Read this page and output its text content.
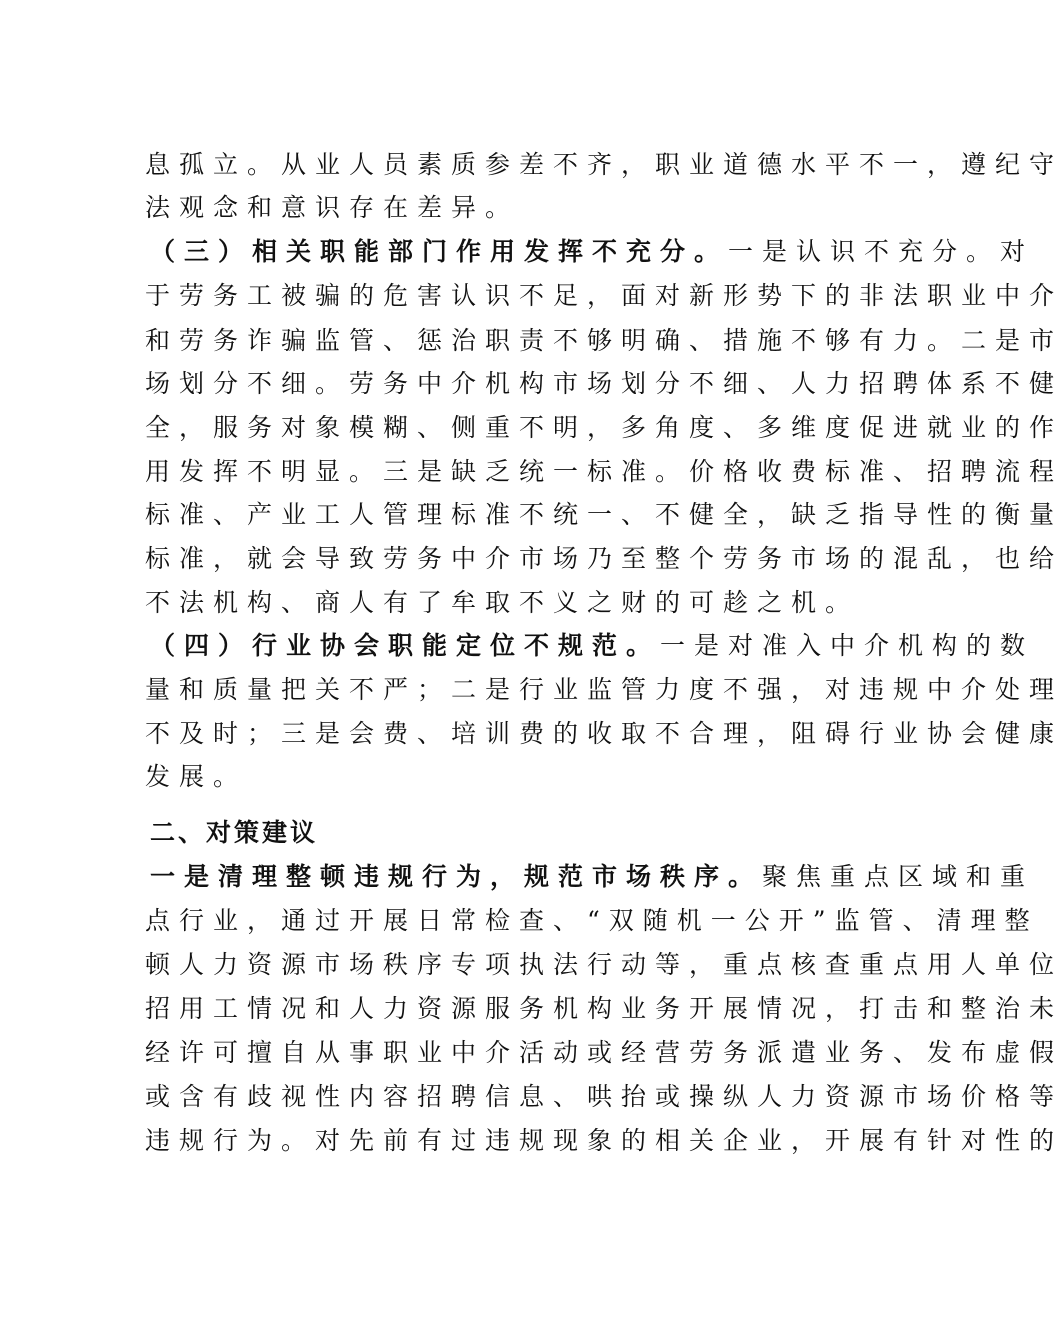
息孤立。从业人员素质参差不齐，职业道德水平不一，遵纪守
法观念和意识存在差异。
（三）相关职能部门作用发挥不充分。一是认识不充分。对
于劳务工被骗的危害认识不足，面对新形势下的非法职业中介
和劳务诈骗监管、惩治职责不够明确、措施不够有力。二是市
场划分不细。劳务中介机构市场划分不细、人力招聘体系不健
全，服务对象模糊、侧重不明，多角度、多维度促进就业的作
用发挥不明显。三是缺乏统一标准。价格收费标准、招聘流程
标准、产业工人管理标准不统一、不健全，缺乏指导性的衡量
标准，就会导致劳务中介市场乃至整个劳务市场的混乱，也给
不法机构、商人有了牟取不义之财的可趁之机。
（四）行业协会职能定位不规范。一是对准入中介机构的数
量和质量把关不严；二是行业监管力度不强，对违规中介处理
不及时；三是会费、培训费的收取不合理，阻碍行业协会健康
发展。
二、对策建议
一是清理整顿违规行为，规范市场秩序。聚焦重点区域和重
点行业，通过开展日常检查、“双随机一公开”监管、清理整
顿人力资源市场秩序专项执法行动等，重点核查重点用人单位
招用工情况和人力资源服务机构业务开展情况，打击和整治未
经许可擅自从事职业中介活动或经营劳务派遣业务、发布虚假
或含有歧视性内容招聘信息、哄抬或操纵人力资源市场价格等
违规行为。对先前有过违规现象的相关企业，开展有针对性的
